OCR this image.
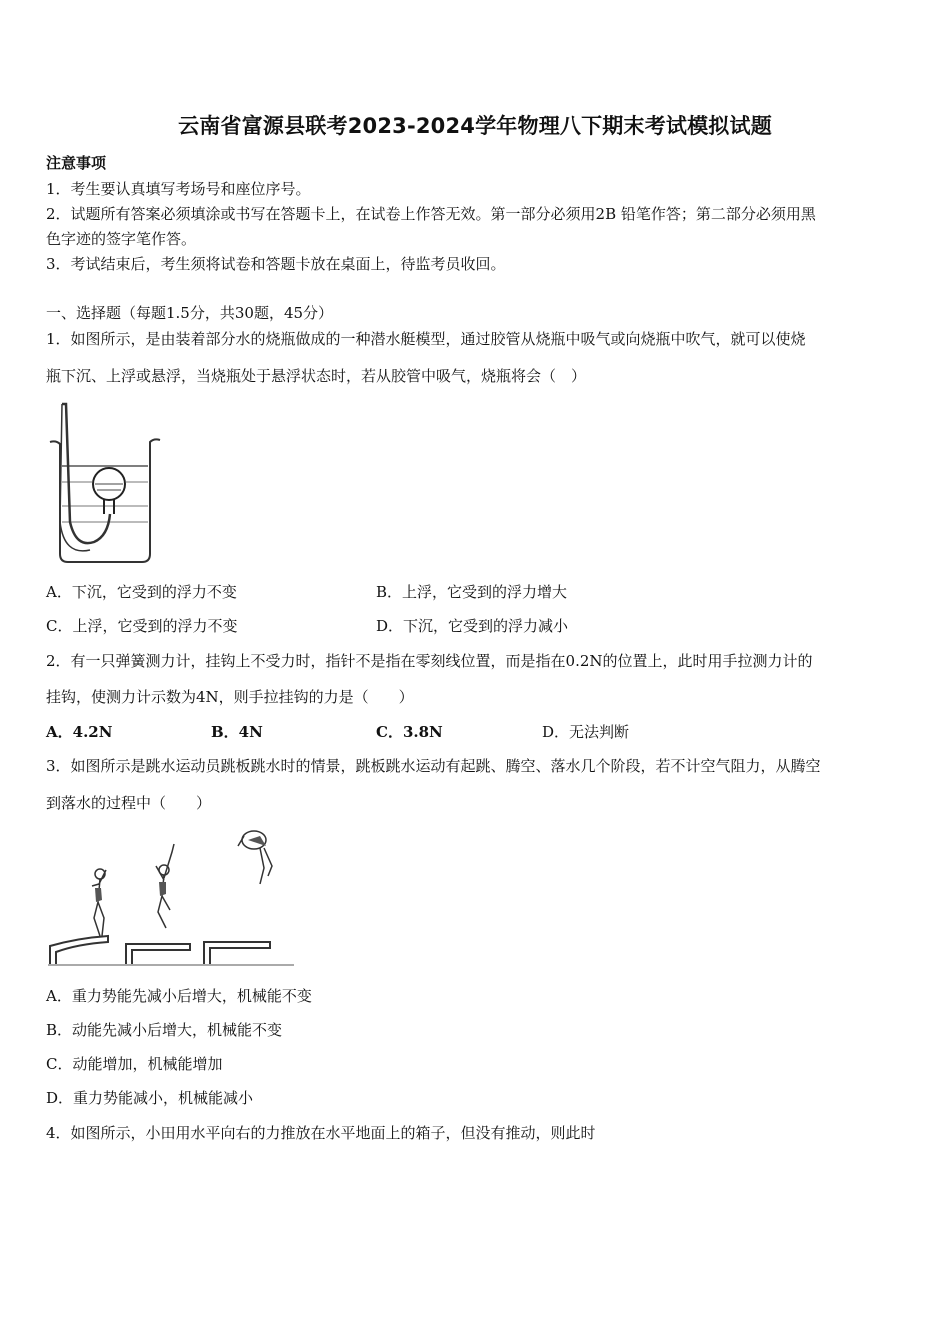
云南省富源县联考2023-2024学年物理八下期末考试模拟试题
注意事项
1．考生要认真填写考场号和座位序号。
2．试题所有答案必须填涂或书写在答题卡上，在试卷上作答无效。第一部分必须用2B 铅笔作答；第二部分必须用黑
色字迹的签字笔作答。
3．考试结束后，考生须将试卷和答题卡放在桌面上，待监考员收回。
一、选择题（每题1.5分，共30题，45分）
1．如图所示，是由装着部分水的烧瓶做成的一种潜水艇模型，通过胶管从烧瓶中吸气或向烧瓶中吹气，就可以使烧
瓶下沉、上浮或悬浮，当烧瓶处于悬浮状态时，若从胶管中吸气，烧瓶将会（　）
A．下沉，它受到的浮力不变	B．上浮，它受到的浮力增大
C．上浮，它受到的浮力不变	D．下沉，它受到的浮力减小
2．有一只弹簧测力计，挂钩上不受力时，指针不是指在零刻线位置，而是指在0.2N的位置上，此时用手拉测力计的
挂钩，使测力计示数为4N，则手拉挂钩的力是（　　）
A．4.2N	B．4N	C．3.8N	D．无法判断
3．如图所示是跳水运动员跳板跳水时的情景，跳板跳水运动有起跳、腾空、落水几个阶段，若不计空气阻力，从腾空
到落水的过程中（　　）
A．重力势能先减小后增大，机械能不变
B．动能先减小后增大，机械能不变
C．动能增加，机械能增加
D．重力势能减小，机械能减小
4．如图所示，小田用水平向右的力推放在水平地面上的箱子，但没有推动，则此时
